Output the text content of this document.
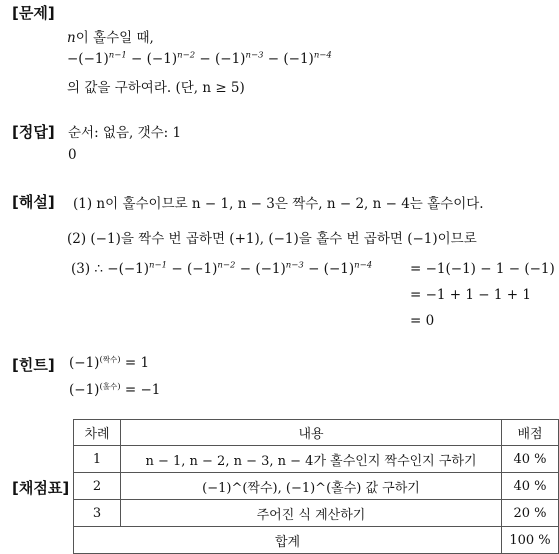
[문제]
[정답]
[해설]
[힌트]
[채점표]
n이 홀수일 때,
$-(-1)^{n-1} - (-1)^{n-2} - (-1)^{n-3} - (-1)^{n-4}$
의 값을 구하여라. (단, n ≥ 5)
순서: 없음, 갯수: 1
0
(1) n이 홀수이므로 n − 1, n − 3은 짝수, n − 2, n − 4는 홀수이다.
(2) (−1)을 짝수 번 곱하면 (+1), (−1)을 홀수 번 곱하면 (−1)이므로
(3) ∴ $-(-1)^{n-1} - (-1)^{n-2} - (-1)^{n-3} - (-1)^{n-4}$	= −1(−1) − 1 − (−1)
= −1 + 1 − 1 + 1
= 0
$(-1)^{(짝수)} = 1$
$(-1)^{(홀수)} = -1$
차례	내용	배점
1	n − 1, n − 2, n − 3, n − 4가 홀수인지 짝수인지 구하기	40 %
2	(−1)^(짝수), (−1)^(홀수) 값 구하기	40 %
3	주어진 식 계산하기	20 %
합계		100 %
